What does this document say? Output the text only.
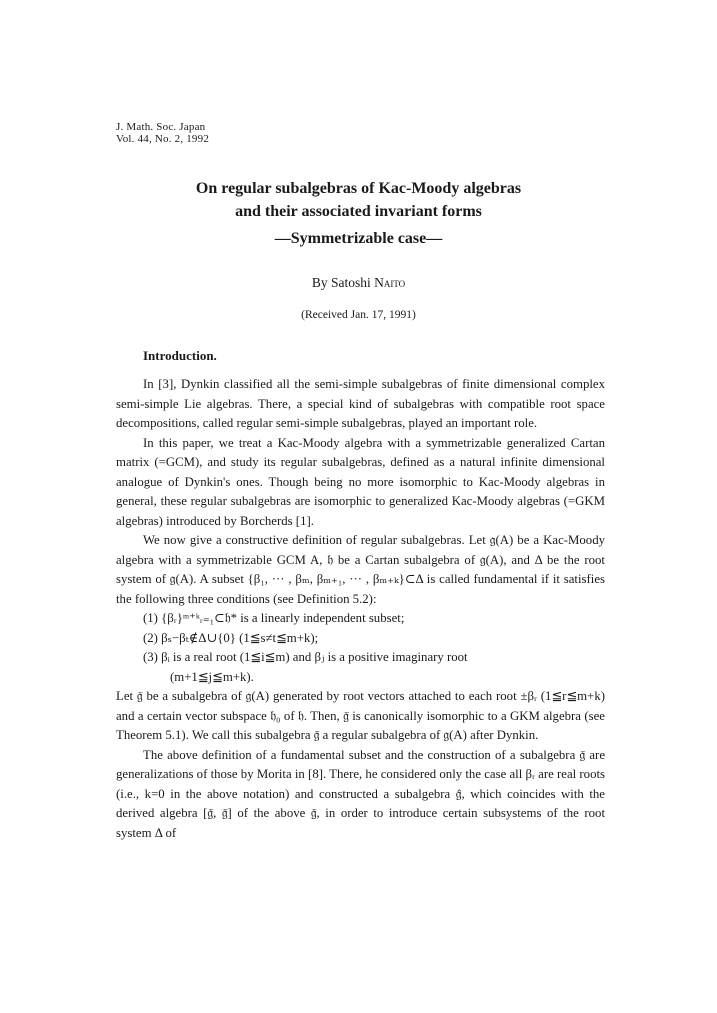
J. Math. Soc. Japan
Vol. 44, No. 2, 1992
On regular subalgebras of Kac-Moody algebras
and their associated invariant forms
—Symmetrizable case—
By Satoshi Naito
(Received Jan. 17, 1991)
Introduction.

In [3], Dynkin classified all the semi-simple subalgebras of finite dimensional complex semi-simple Lie algebras. There, a special kind of subalgebras with compatible root space decompositions, called regular semi-simple subalgebras, played an important role.

In this paper, we treat a Kac-Moody algebra with a symmetrizable generalized Cartan matrix (=GCM), and study its regular subalgebras, defined as a natural infinite dimensional analogue of Dynkin's ones. Though being no more isomorphic to Kac-Moody algebras in general, these regular subalgebras are isomorphic to generalized Kac-Moody algebras (=GKM algebras) introduced by Borcherds [1].

We now give a constructive definition of regular subalgebras. Let 𝔤(A) be a Kac-Moody algebra with a symmetrizable GCM A, 𝔥 be a Cartan subalgebra of 𝔤(A), and Δ be the root system of 𝔤(A). A subset {β₁, ··· , βₘ, βₘ₊₁, ··· , βₘ₊ₖ}⊂Δ is called fundamental if it satisfies the following three conditions (see Definition 5.2):

(1) {βᵣ}ᵐ⁺ᵏᵣ₌₁⊂𝔥* is a linearly independent subset;

(2) βₛ−βₜ∉Δ∪{0} (1≦s≠t≦m+k);

(3) βᵢ is a real root (1≦i≦m) and βⱼ is a positive imaginary root

(m+1≦j≦m+k).

Let 𝔤̃ be a subalgebra of 𝔤(A) generated by root vectors attached to each root ±βᵣ (1≦r≦m+k) and a certain vector subspace 𝔥₀ of 𝔥. Then, 𝔤̃ is canonically isomorphic to a GKM algebra (see Theorem 5.1). We call this subalgebra 𝔤̃ a regular subalgebra of 𝔤(A) after Dynkin.

The above definition of a fundamental subset and the construction of a subalgebra 𝔤̃ are generalizations of those by Morita in [8]. There, he considered only the case all βᵣ are real roots (i.e., k=0 in the above notation) and constructed a subalgebra 𝔤̂, which coincides with the derived algebra [𝔤̃, 𝔤̃] of the above 𝔤̃, in order to introduce certain subsystems of the root system Δ of
